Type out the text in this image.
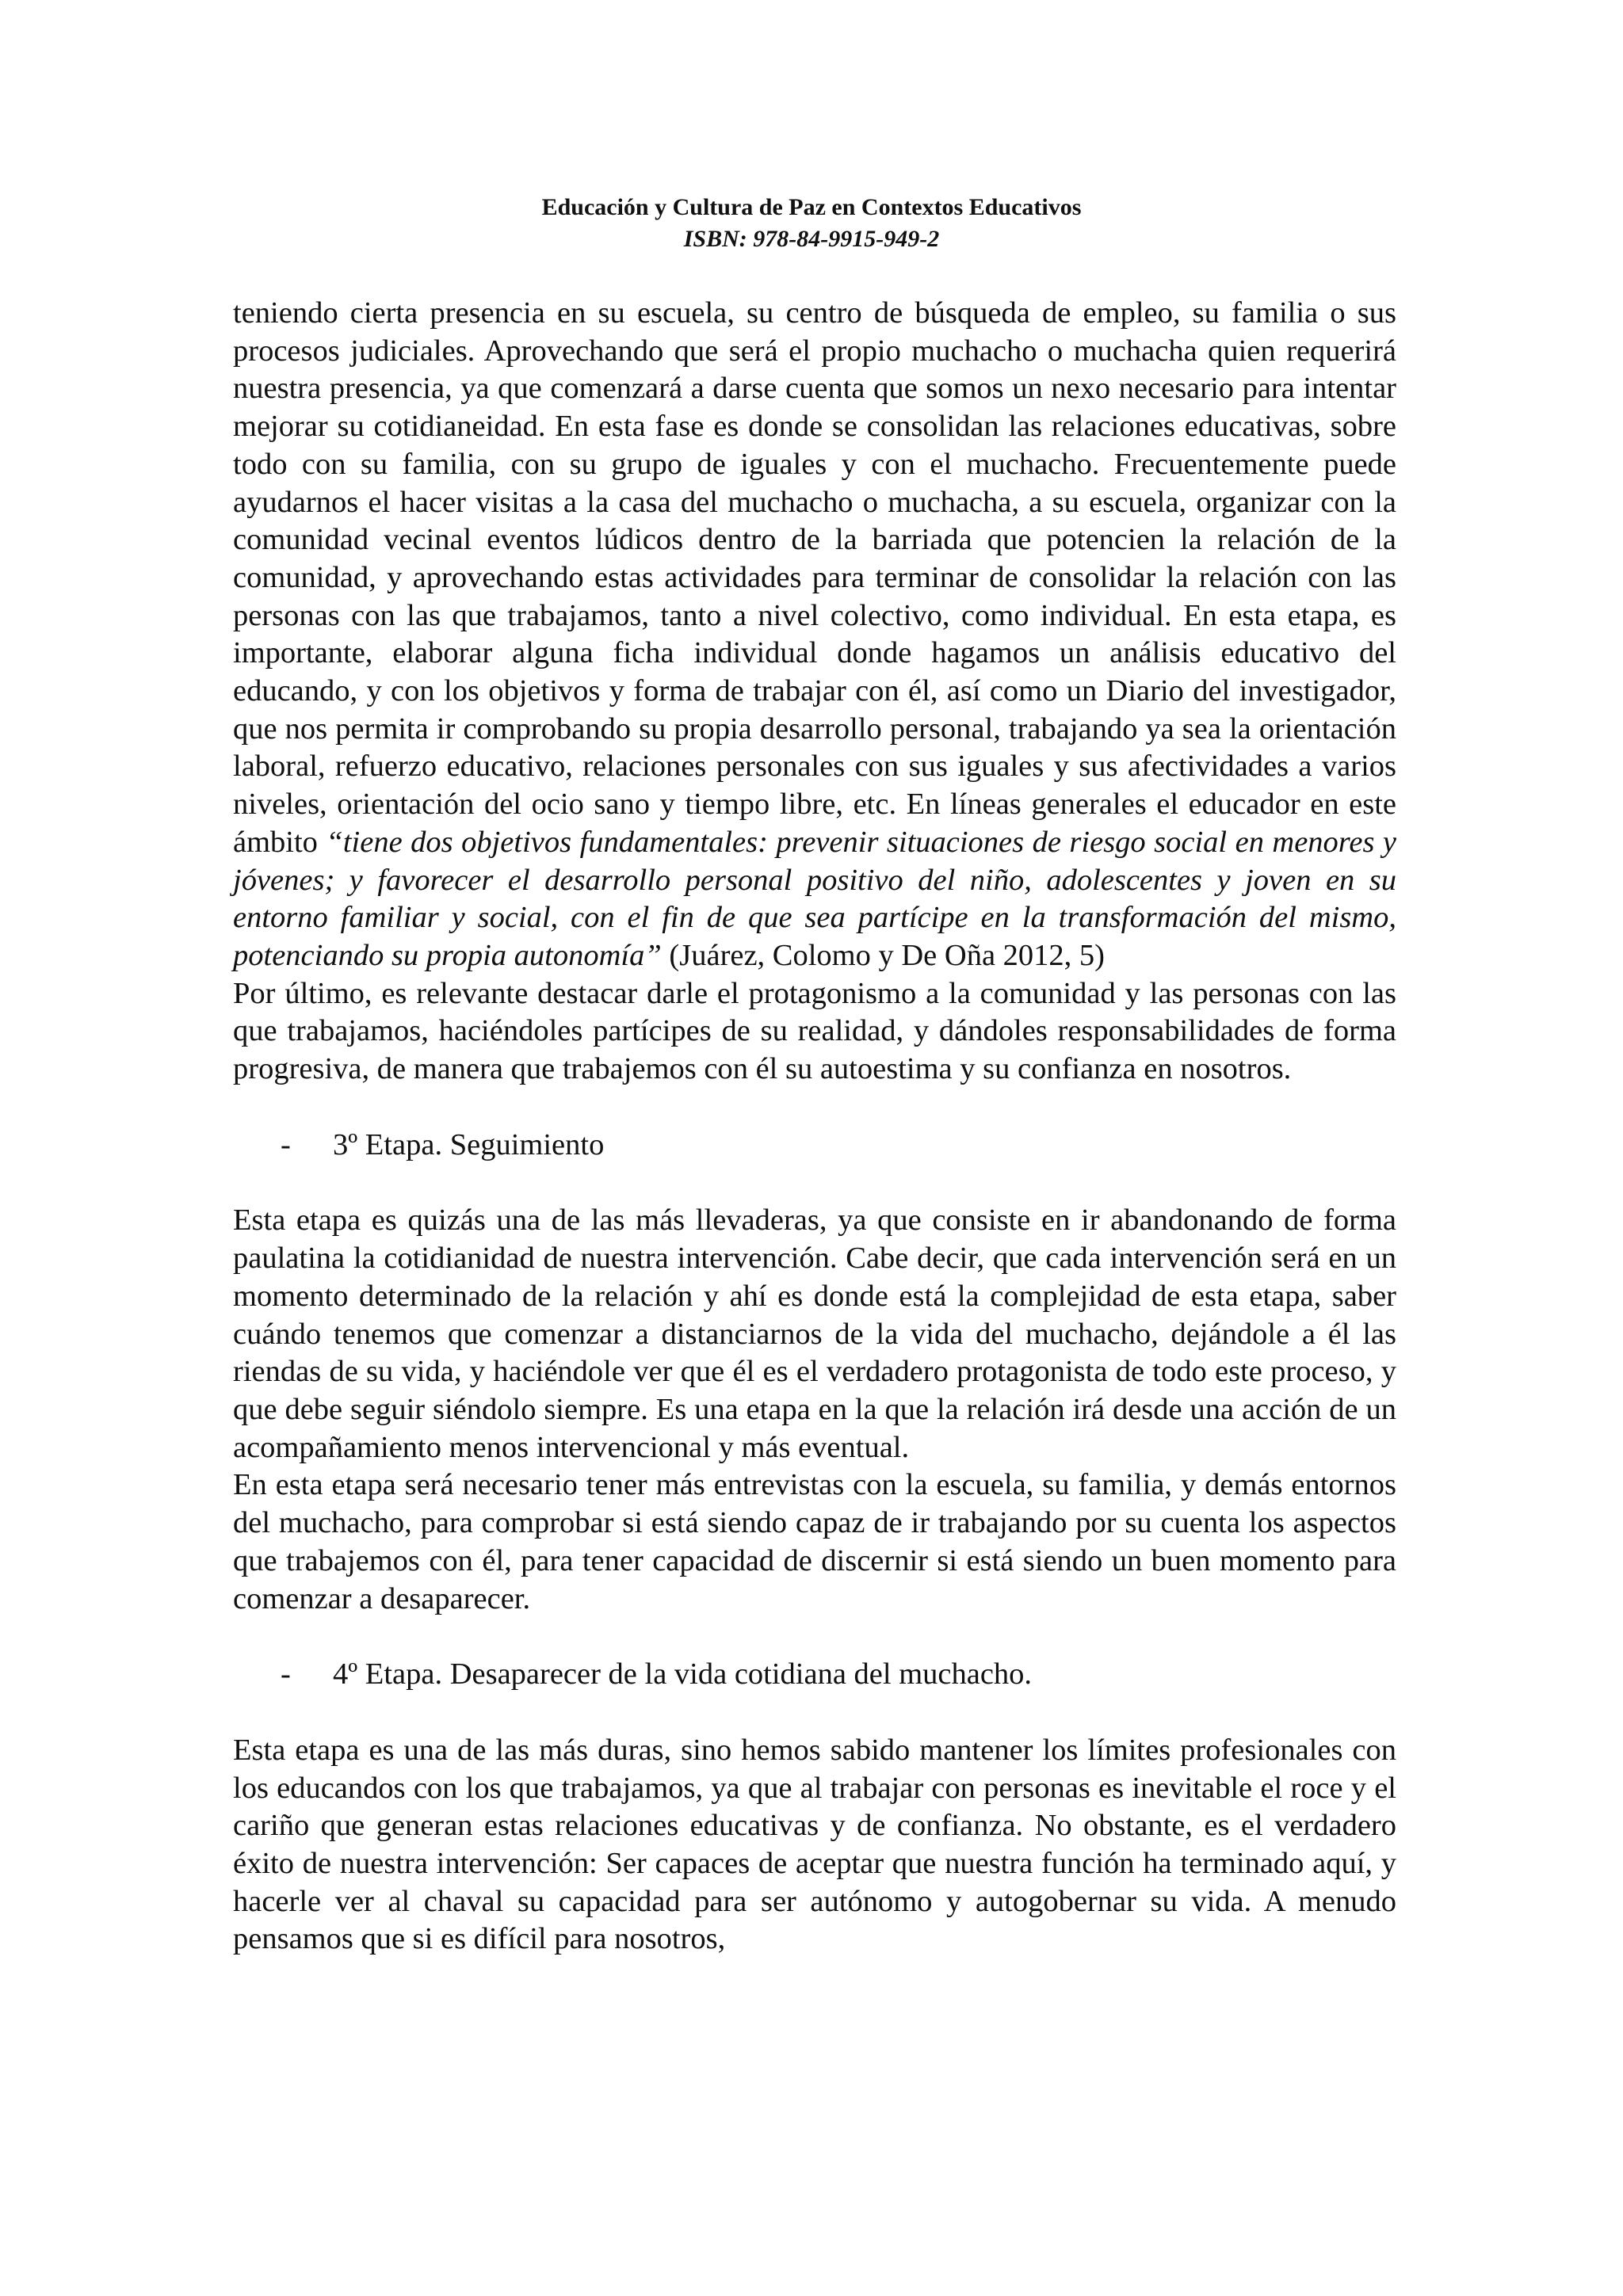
Educación y Cultura de Paz en Contextos Educativos
ISBN: 978-84-9915-949-2

teniendo cierta presencia en su escuela, su centro de búsqueda de empleo, su familia o sus procesos judiciales. Aprovechando que será el propio muchacho o muchacha quien requerirá nuestra presencia, ya que comenzará a darse cuenta que somos un nexo necesario para intentar mejorar su cotidianeidad. En esta fase es donde se consolidan las relaciones educativas, sobre todo con su familia, con su grupo de iguales y con el muchacho. Frecuentemente puede ayudarnos el hacer visitas a la casa del muchacho o muchacha, a su escuela, organizar con la comunidad vecinal eventos lúdicos dentro de la barriada que potencien la relación de la comunidad, y aprovechando estas actividades para terminar de consolidar la relación con las personas con las que trabajamos, tanto a nivel colectivo, como individual. En esta etapa, es importante, elaborar alguna ficha individual donde hagamos un análisis educativo del educando, y con los objetivos y forma de trabajar con él, así como un Diario del investigador, que nos permita ir comprobando su propia desarrollo personal, trabajando ya sea la orientación laboral, refuerzo educativo, relaciones personales con sus iguales y sus afectividades a varios niveles, orientación del ocio sano y tiempo libre, etc. En líneas generales el educador en este ámbito “tiene dos objetivos fundamentales: prevenir situaciones de riesgo social en menores y jóvenes; y favorecer el desarrollo personal positivo del niño, adolescentes y joven en su entorno familiar y social, con el fin de que sea partícipe en la transformación del mismo, potenciando su propia autonomía” (Juárez, Colomo y De Oña 2012, 5)

Por último, es relevante destacar darle el protagonismo a la comunidad y las personas con las que trabajamos, haciéndoles partícipes de su realidad, y dándoles responsabilidades de forma progresiva, de manera que trabajemos con él su autoestima y su confianza en nosotros.

-	3º Etapa. Seguimiento

Esta etapa es quizás una de las más llevaderas, ya que consiste en ir abandonando de forma paulatina la cotidianidad de nuestra intervención. Cabe decir, que cada intervención será en un momento determinado de la relación y ahí es donde está la complejidad de esta etapa, saber cuándo tenemos que comenzar a distanciarnos de la vida del muchacho, dejándole a él las riendas de su vida, y haciéndole ver que él es el verdadero protagonista de todo este proceso, y que debe seguir siéndolo siempre. Es una etapa en la que la relación irá desde una acción de un acompañamiento menos intervencional y más eventual.

En esta etapa será necesario tener más entrevistas con la escuela, su familia, y demás entornos del muchacho, para comprobar si está siendo capaz de ir trabajando por su cuenta los aspectos que trabajemos con él, para tener capacidad de discernir si está siendo un buen momento para comenzar a desaparecer.

-	4º Etapa. Desaparecer de la vida cotidiana del muchacho.

Esta etapa es una de las más duras, sino hemos sabido mantener los límites profesionales con los educandos con los que trabajamos, ya que al trabajar con personas es inevitable el roce y el cariño que generan estas relaciones educativas y de confianza. No obstante, es el verdadero éxito de nuestra intervención: Ser capaces de aceptar que nuestra función ha terminado aquí, y hacerle ver al chaval su capacidad para ser autónomo y autogobernar su vida. A menudo pensamos que si es difícil para nosotros,
